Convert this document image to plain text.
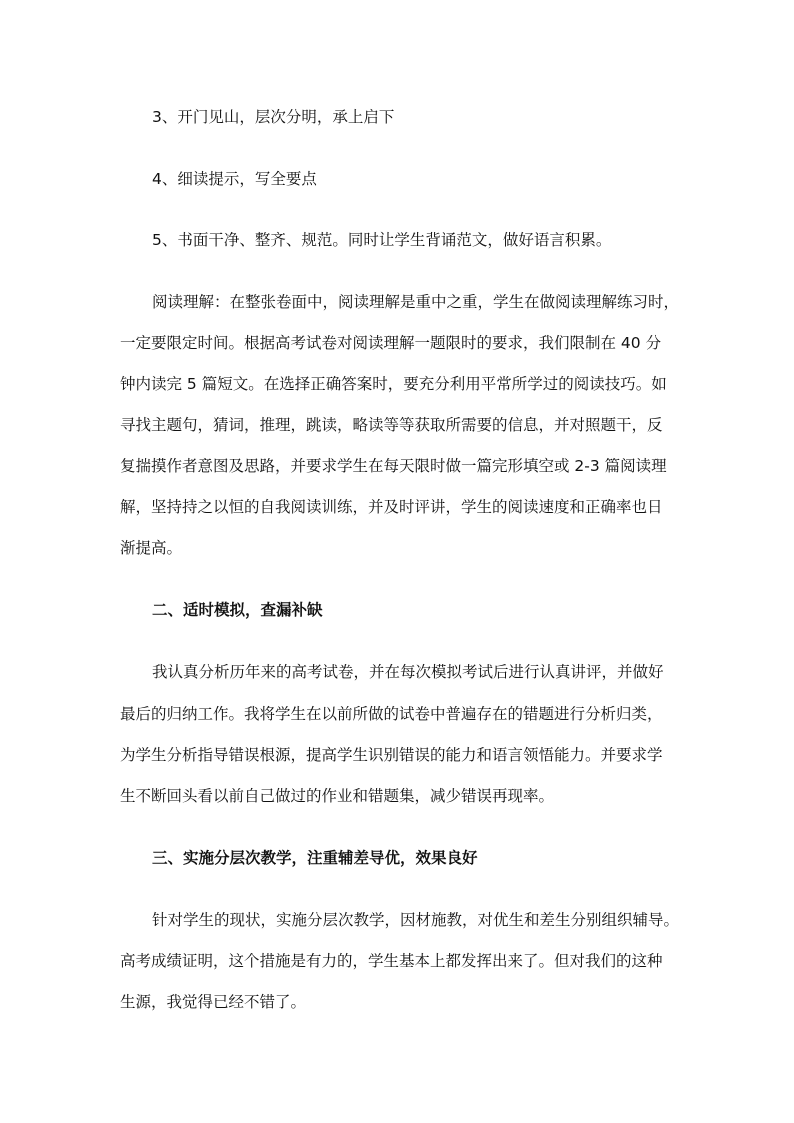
3、开门见山，层次分明，承上启下
4、细读提示，写全要点
5、书面干净、整齐、规范。同时让学生背诵范文，做好语言积累。
阅读理解：在整张卷面中，阅读理解是重中之重，学生在做阅读理解练习时，
一定要限定时间。根据高考试卷对阅读理解一题限时的要求，我们限制在 40 分
钟内读完 5 篇短文。在选择正确答案时，要充分利用平常所学过的阅读技巧。如
寻找主题句，猜词，推理，跳读，略读等等获取所需要的信息，并对照题干，反
复揣摸作者意图及思路，并要求学生在每天限时做一篇完形填空或 2-3 篇阅读理
解，坚持持之以恒的自我阅读训练，并及时评讲，学生的阅读速度和正确率也日
渐提高。
二、适时模拟，查漏补缺
我认真分析历年来的高考试卷，并在每次模拟考试后进行认真讲评，并做好
最后的归纳工作。我将学生在以前所做的试卷中普遍存在的错题进行分析归类，
为学生分析指导错误根源，提高学生识别错误的能力和语言领悟能力。并要求学
生不断回头看以前自己做过的作业和错题集，减少错误再现率。
三、实施分层次教学，注重辅差导优，效果良好
针对学生的现状，实施分层次教学，因材施教，对优生和差生分别组织辅导。
高考成绩证明，这个措施是有力的，学生基本上都发挥出来了。但对我们的这种
生源，我觉得已经不错了。
